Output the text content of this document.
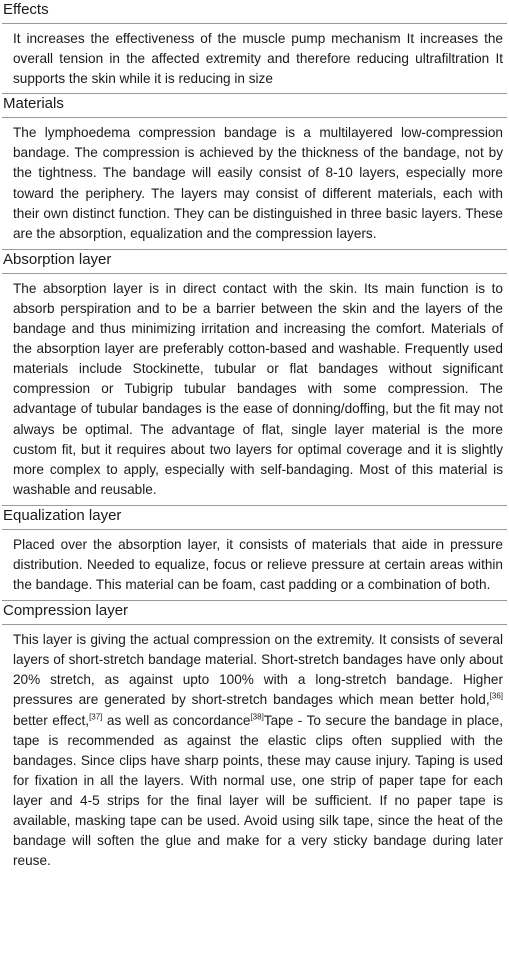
Effects
It increases the effectiveness of the muscle pump mechanism It increases the overall tension in the affected extremity and therefore reducing ultrafiltration It supports the skin while it is reducing in size
Materials
The lymphoedema compression bandage is a multilayered low-compression bandage. The compression is achieved by the thickness of the bandage, not by the tightness. The bandage will easily consist of 8-10 layers, especially more toward the periphery. The layers may consist of different materials, each with their own distinct function. They can be distinguished in three basic layers. These are the absorption, equalization and the compression layers.
Absorption layer
The absorption layer is in direct contact with the skin. Its main function is to absorb perspiration and to be a barrier between the skin and the layers of the bandage and thus minimizing irritation and increasing the comfort. Materials of the absorption layer are preferably cotton-based and washable. Frequently used materials include Stockinette, tubular or flat bandages without significant compression or Tubigrip tubular bandages with some compression. The advantage of tubular bandages is the ease of donning/doffing, but the fit may not always be optimal. The advantage of flat, single layer material is the more custom fit, but it requires about two layers for optimal coverage and it is slightly more complex to apply, especially with self-bandaging. Most of this material is washable and reusable.
Equalization layer
Placed over the absorption layer, it consists of materials that aide in pressure distribution. Needed to equalize, focus or relieve pressure at certain areas within the bandage. This material can be foam, cast padding or a combination of both.
Compression layer
This layer is giving the actual compression on the extremity. It consists of several layers of short-stretch bandage material. Short-stretch bandages have only about 20% stretch, as against upto 100% with a long-stretch bandage. Higher pressures are generated by short-stretch bandages which mean better hold,[36] better effect,[37] as well as concordance[38]Tape - To secure the bandage in place, tape is recommended as against the elastic clips often supplied with the bandages. Since clips have sharp points, these may cause injury. Taping is used for fixation in all the layers. With normal use, one strip of paper tape for each layer and 4-5 strips for the final layer will be sufficient. If no paper tape is available, masking tape can be used. Avoid using silk tape, since the heat of the bandage will soften the glue and make for a very sticky bandage during later reuse.
